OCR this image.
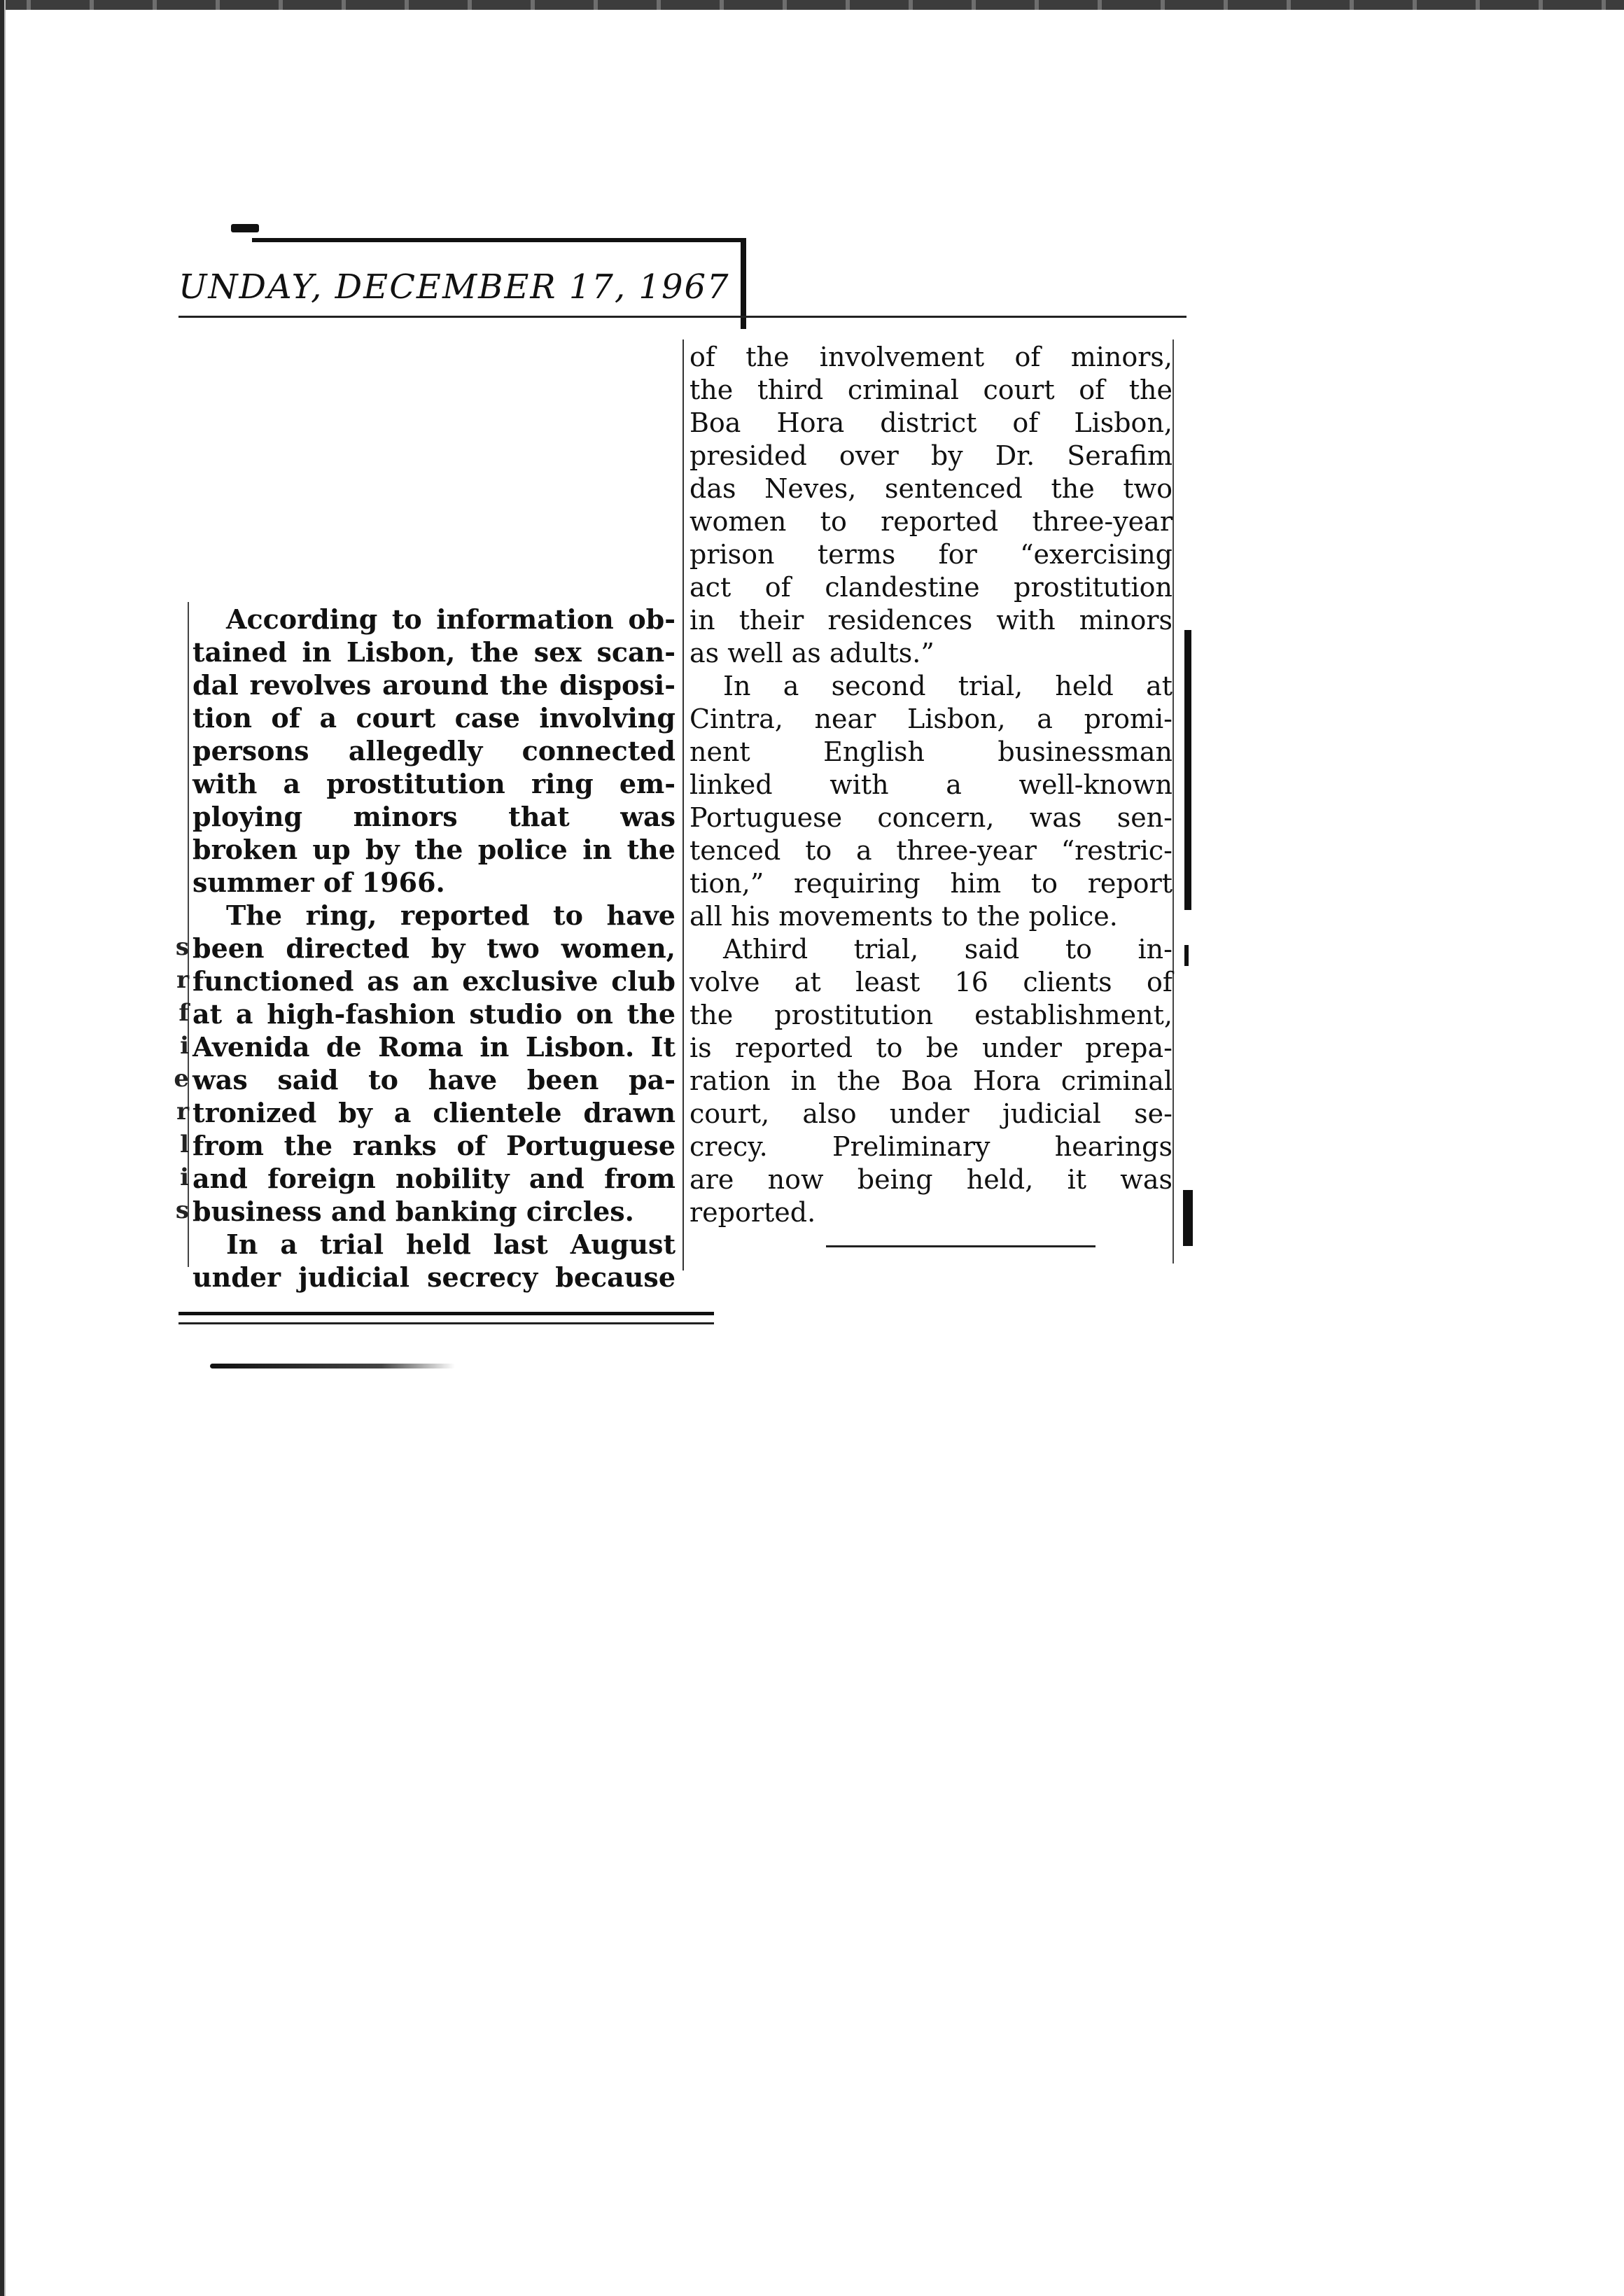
UNDAY, DECEMBER 17, 1967
s
r
f
i
e
r
l
i
s
According to information ob-
tained in Lisbon, the sex scan-
dal revolves around the disposi-
tion of a court case involving
persons allegedly connected
with a prostitution ring em-
ploying minors that was
broken up by the police in the
summer of 1966.
The ring, reported to have
been directed by two women,
functioned as an exclusive club
at a high-fashion studio on the
Avenida de Roma in Lisbon. It
was said to have been pa-
tronized by a clientele drawn
from the ranks of Portuguese
and foreign nobility and from
business and banking circles.
In a trial held last August
under judicial secrecy because
of the involvement of minors,
the third criminal court of the
Boa Hora district of Lisbon,
presided over by Dr. Serafim
das Neves, sentenced the two
women to reported three-year
prison terms for “exercising
act of clandestine prostitution
in their residences with minors
as well as adults.”
In a second trial, held at
Cintra, near Lisbon, a promi-
nent English businessman
linked with a well-known
Portuguese concern, was sen-
tenced to a three-year “restric-
tion,” requiring him to report
all his movements to the police.
Athird trial, said to in-
volve at least 16 clients of
the prostitution establishment,
is reported to be under prepa-
ration in the Boa Hora criminal
court, also under judicial se-
crecy. Preliminary hearings
are now being held, it was
reported.
